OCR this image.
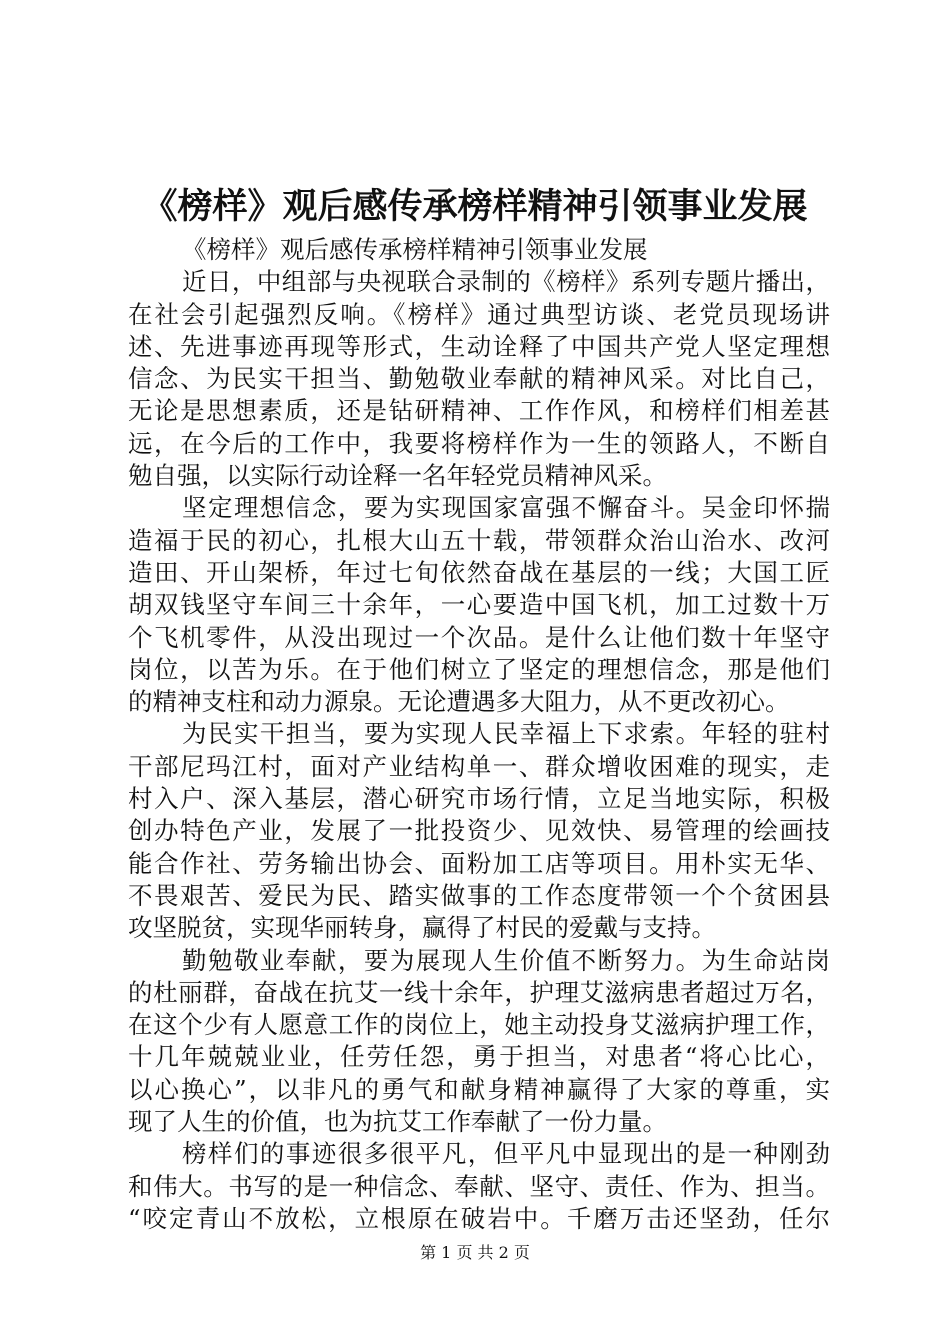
《榜样》观后感传承榜样精神引领事业发展
《榜样》观后感传承榜样精神引领事业发展
近日，中组部与央视联合录制的《榜样》系列专题片播出，
在社会引起强烈反响。《榜样》通过典型访谈、老党员现场讲
述、先进事迹再现等形式，生动诠释了中国共产党人坚定理想
信念、为民实干担当、勤勉敬业奉献的精神风采。对比自己，
无论是思想素质，还是钻研精神、工作作风，和榜样们相差甚
远，在今后的工作中，我要将榜样作为一生的领路人，不断自
勉自强，以实际行动诠释一名年轻党员精神风采。
坚定理想信念，要为实现国家富强不懈奋斗。吴金印怀揣
造福于民的初心，扎根大山五十载，带领群众治山治水、改河
造田、开山架桥，年过七旬依然奋战在基层的一线；大国工匠
胡双钱坚守车间三十余年，一心要造中国飞机，加工过数十万
个飞机零件，从没出现过一个次品。是什么让他们数十年坚守
岗位，以苦为乐。在于他们树立了坚定的理想信念，那是他们
的精神支柱和动力源泉。无论遭遇多大阻力，从不更改初心。
为民实干担当，要为实现人民幸福上下求索。年轻的驻村
干部尼玛江村，面对产业结构单一、群众增收困难的现实，走
村入户、深入基层，潜心研究市场行情，立足当地实际，积极
创办特色产业，发展了一批投资少、见效快、易管理的绘画技
能合作社、劳务输出协会、面粉加工店等项目。用朴实无华、
不畏艰苦、爱民为民、踏实做事的工作态度带领一个个贫困县
攻坚脱贫，实现华丽转身，赢得了村民的爱戴与支持。
勤勉敬业奉献，要为展现人生价值不断努力。为生命站岗
的杜丽群，奋战在抗艾一线十余年，护理艾滋病患者超过万名，
在这个少有人愿意工作的岗位上，她主动投身艾滋病护理工作，
十几年兢兢业业，任劳任怨，勇于担当，对患者“将心比心，
以心换心”，以非凡的勇气和献身精神赢得了大家的尊重，实
现了人生的价值，也为抗艾工作奉献了一份力量。
榜样们的事迹很多很平凡，但平凡中显现出的是一种刚劲
和伟大。书写的是一种信念、奉献、坚守、责任、作为、担当。
“咬定青山不放松，立根原在破岩中。千磨万击还坚劲，任尔
第 1 页 共 2 页
